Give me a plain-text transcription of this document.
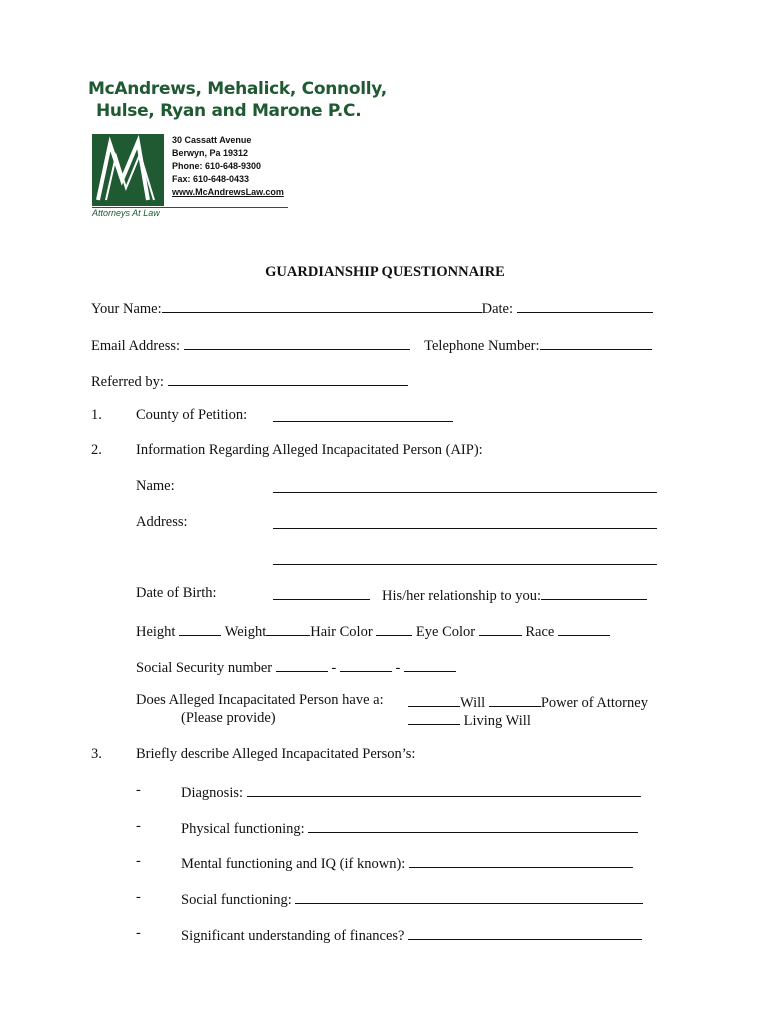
McAndrews, Mehalick, Connolly,
Hulse, Ryan and Marone P.C.
30 Cassatt Avenue
Berwyn, Pa 19312
Phone: 610-648-9300
Fax: 610-648-0433
www.McAndrewsLaw.com
Attorneys At Law
GUARDIANSHIP QUESTIONNAIRE
Your Name:	Date:
Email Address:	Telephone Number:
Referred by:
1. County of Petition:
2. Information Regarding Alleged Incapacitated Person (AIP):
Name:
Address:
Date of Birth:	His/her relationship to you:
Height	Weight	Hair Color	Eye Color	Race
Social Security number	-	-
Does Alleged Incapacitated Person have a:
(Please provide)
Will	Power of Attorney
Living Will
3. Briefly describe Alleged Incapacitated Person’s:
-	Diagnosis:
-	Physical functioning:
-	Mental functioning and IQ (if known):
-	Social functioning:
-	Significant understanding of finances?
